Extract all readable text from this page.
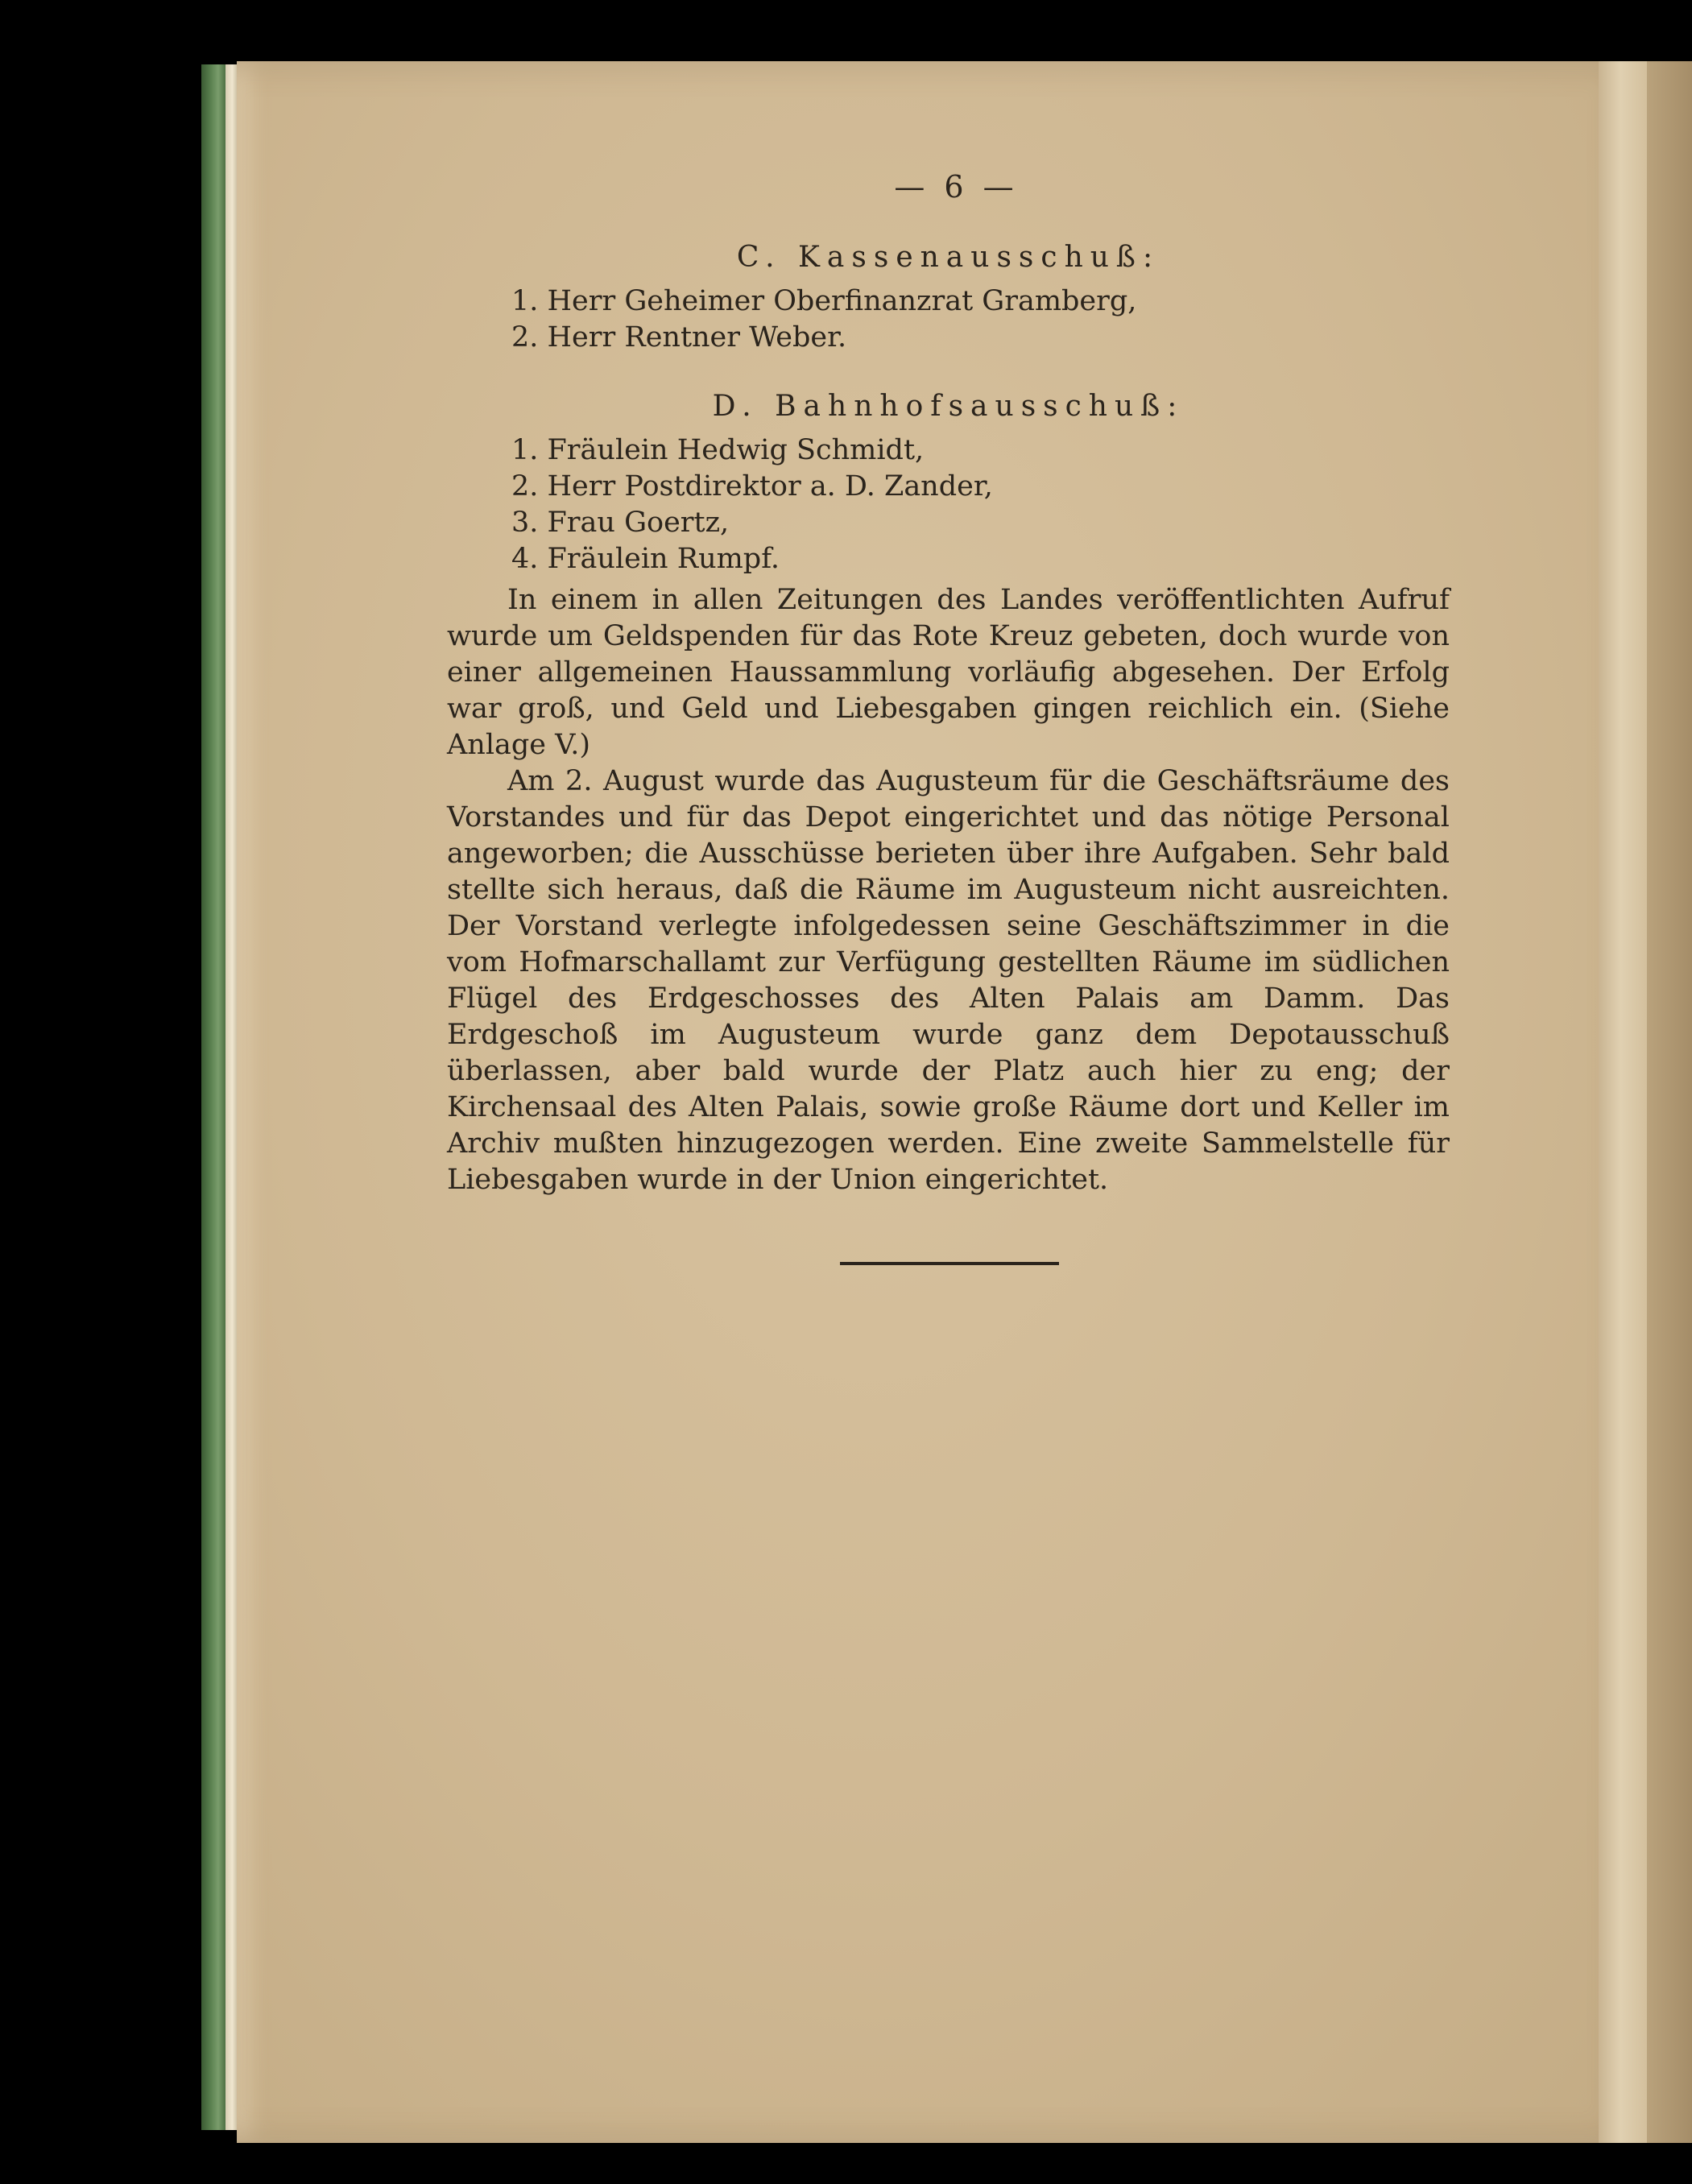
— 6 —
C. Kassenausschuß:
1. Herr Geheimer Oberfinanzrat Gramberg,
2. Herr Rentner Weber.
D. Bahnhofsausschuß:
1. Fräulein Hedwig Schmidt,
2. Herr Postdirektor a. D. Zander,
3. Frau Goertz,
4. Fräulein Rumpf.

In einem in allen Zeitungen des Landes veröffentlichten Aufruf wurde um Geldspenden für das Rote Kreuz gebeten, doch wurde von einer allgemeinen Haussammlung vorläufig abgesehen. Der Erfolg war groß, und Geld und Liebesgaben gingen reichlich ein. (Siehe Anlage V.)

Am 2. August wurde das Augusteum für die Geschäftsräume des Vorstandes und für das Depot eingerichtet und das nötige Personal angeworben; die Ausschüsse berieten über ihre Aufgaben. Sehr bald stellte sich heraus, daß die Räume im Augusteum nicht ausreichten. Der Vorstand verlegte infolgedessen seine Geschäftszimmer in die vom Hofmarschallamt zur Verfügung gestellten Räume im südlichen Flügel des Erdgeschosses des Alten Palais am Damm. Das Erdgeschoß im Augusteum wurde ganz dem Depotausschuß überlassen, aber bald wurde der Platz auch hier zu eng; der Kirchensaal des Alten Palais, sowie große Räume dort und Keller im Archiv mußten hinzugezogen werden. Eine zweite Sammelstelle für Liebesgaben wurde in der Union eingerichtet.
